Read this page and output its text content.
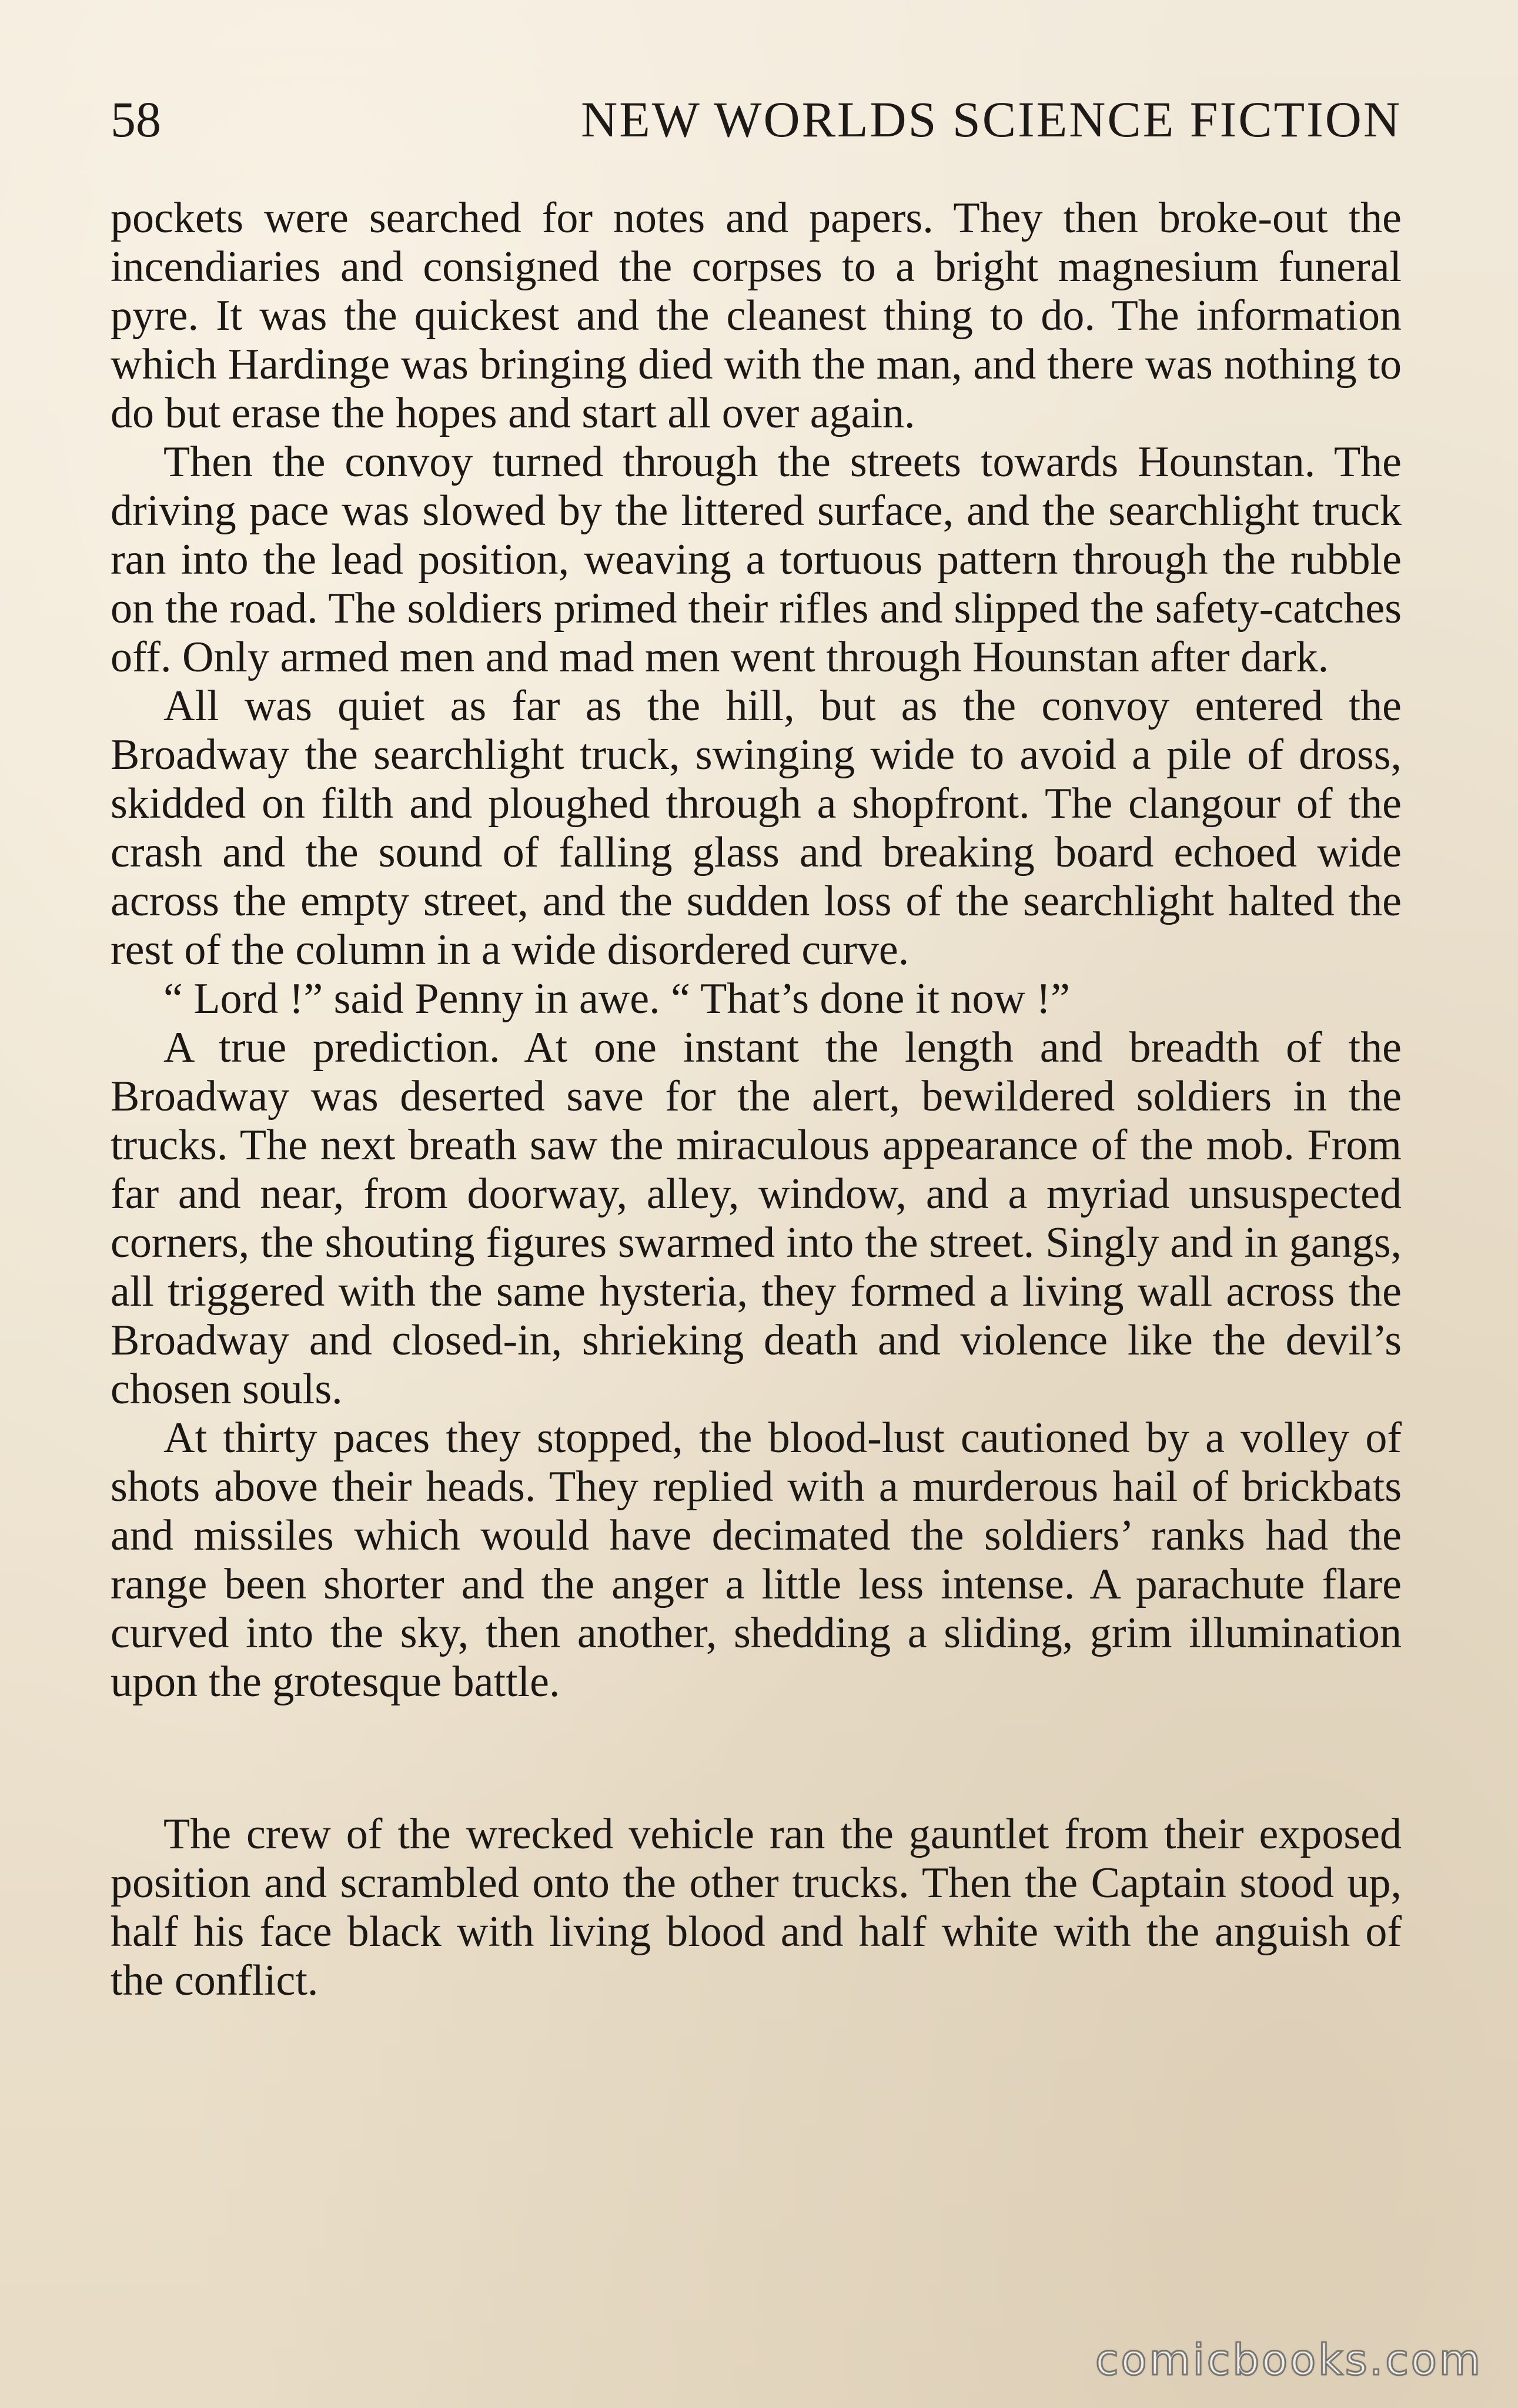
58	NEW WORLDS SCIENCE FICTION

pockets were searched for notes and papers. They then broke-out the incendiaries and consigned the corpses to a bright magnesium funeral pyre. It was the quickest and the cleanest thing to do. The information which Hardinge was bringing died with the man, and there was nothing to do but erase the hopes and start all over again.

Then the convoy turned through the streets towards Hounstan. The driving pace was slowed by the littered surface, and the searchlight truck ran into the lead position, weaving a tortuous pattern through the rubble on the road. The soldiers primed their rifles and slipped the safety-catches off. Only armed men and mad men went through Hounstan after dark.

All was quiet as far as the hill, but as the convoy entered the Broadway the searchlight truck, swinging wide to avoid a pile of dross, skidded on filth and ploughed through a shopfront. The clangour of the crash and the sound of falling glass and breaking board echoed wide across the empty street, and the sudden loss of the searchlight halted the rest of the column in a wide disordered curve.

“ Lord !” said Penny in awe. “ That’s done it now !”

A true prediction. At one instant the length and breadth of the Broadway was deserted save for the alert, bewildered soldiers in the trucks. The next breath saw the miraculous appearance of the mob. From far and near, from doorway, alley, window, and a myriad unsuspected corners, the shouting figures swarmed into the street. Singly and in gangs, all triggered with the same hysteria, they formed a living wall across the Broadway and closed-in, shrieking death and violence like the devil’s chosen souls.

At thirty paces they stopped, the blood-lust cautioned by a volley of shots above their heads. They replied with a murderous hail of brickbats and missiles which would have decimated the soldiers’ ranks had the range been shorter and the anger a little less intense. A parachute flare curved into the sky, then another, shedding a sliding, grim illumination upon the grotesque battle.

The crew of the wrecked vehicle ran the gauntlet from their exposed position and scrambled onto the other trucks. Then the Captain stood up, half his face black with living blood and half white with the anguish of the conflict.

comicbooks.com
